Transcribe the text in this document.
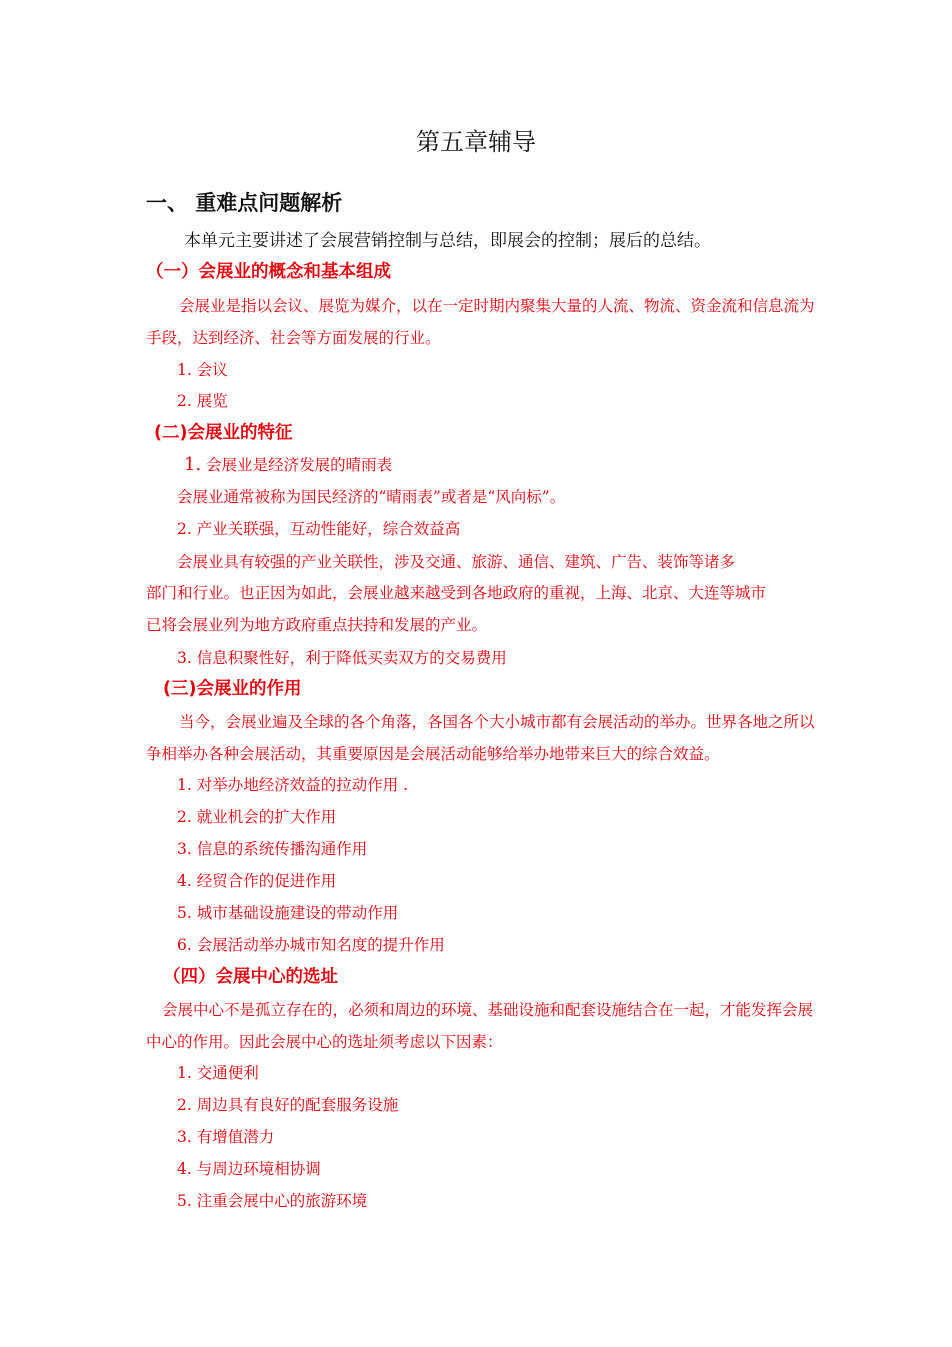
第五章辅导
一、 重难点问题解析
本单元主要讲述了会展营销控制与总结，即展会的控制；展后的总结。
（一）会展业的概念和基本组成
会展业是指以会议、展览为媒介，以在一定时期内聚集大量的人流、物流、资金流和信息流为手段，达到经济、社会等方面发展的行业。
1. 会议
2. 展览
(二)会展业的特征
1. 会展业是经济发展的晴雨表
会展业通常被称为国民经济的“晴雨表”或者是“风向标”。
2. 产业关联强，互动性能好，综合效益高
会展业具有较强的产业关联性，涉及交通、旅游、通信、建筑、广告、装饰等诸多
部门和行业。也正因为如此，会展业越来越受到各地政府的重视，上海、北京、大连等城市
已将会展业列为地方政府重点扶持和发展的产业。
3. 信息积聚性好，利于降低买卖双方的交易费用
(三)会展业的作用
当今，会展业遍及全球的各个角落，各国各个大小城市都有会展活动的举办。世界各地之所以争相举办各种会展活动，其重要原因是会展活动能够给举办地带来巨大的综合效益。
1. 对举办地经济效益的拉动作用 .
2. 就业机会的扩大作用
3. 信息的系统传播沟通作用
4. 经贸合作的促进作用
5. 城市基础设施建设的带动作用
6. 会展活动举办城市知名度的提升作用
（四）会展中心的选址
会展中心不是孤立存在的，必须和周边的环境、基础设施和配套设施结合在一起，才能发挥会展中心的作用。因此会展中心的选址须考虑以下因素：
1. 交通便利
2. 周边具有良好的配套服务设施
3. 有增值潜力
4. 与周边环境相协调
5. 注重会展中心的旅游环境
